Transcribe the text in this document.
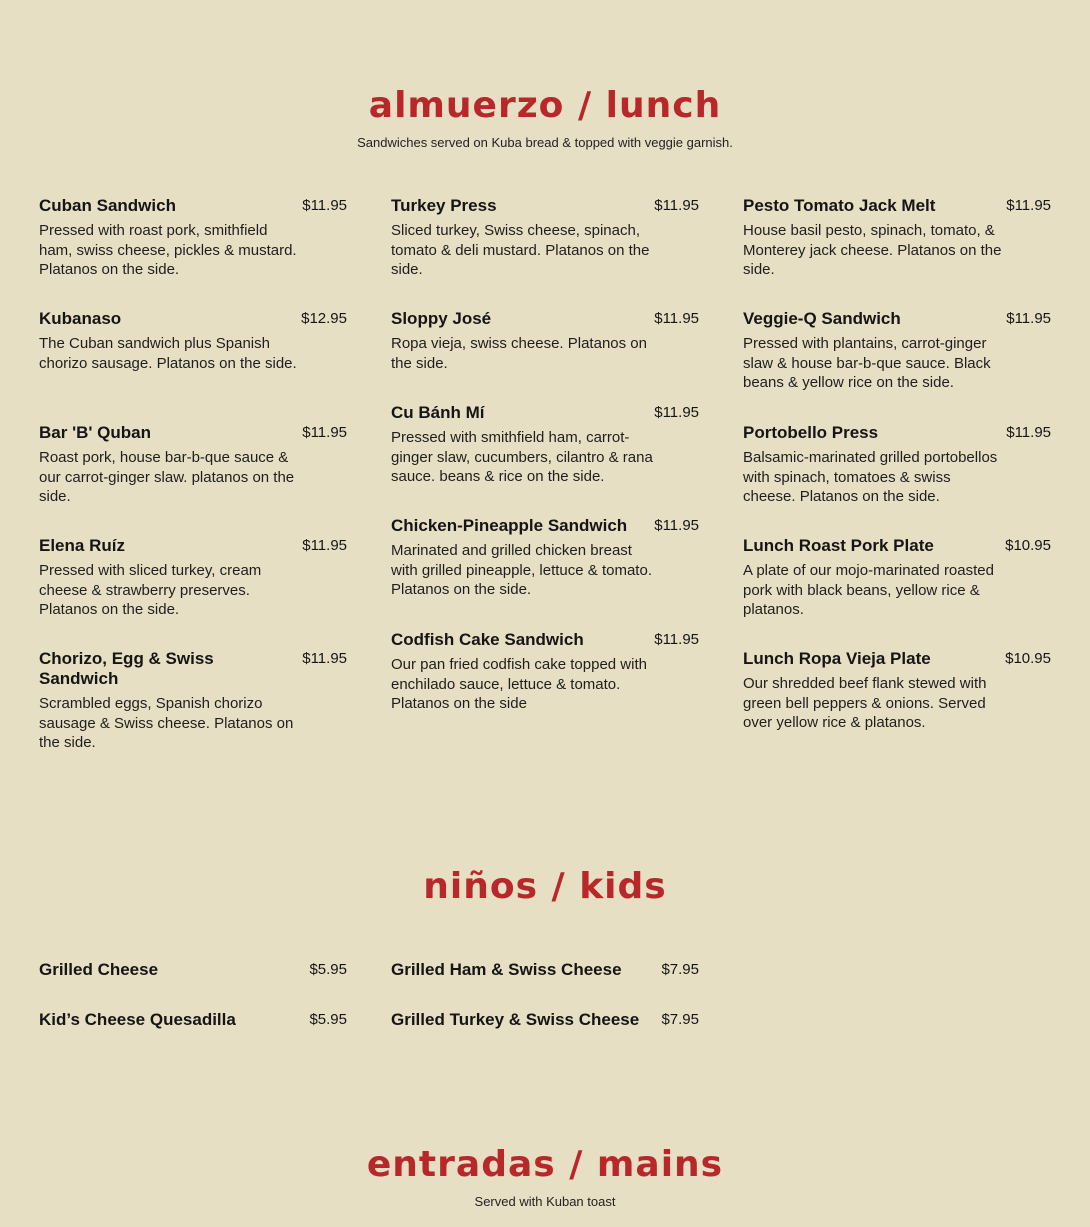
almuerzo / lunch

Sandwiches served on Kuba bread & topped with veggie garnish.

Cuban Sandwich	$11.95
Pressed with roast pork, smithfield ham, swiss cheese, pickles & mustard. Platanos on the side.
Kubanaso	$12.95
The Cuban sandwich plus Spanish chorizo sausage. Platanos on the side.
Bar 'B' Quban	$11.95
Roast pork, house bar-b-que sauce & our carrot-ginger slaw. platanos on the side.
Elena Ruíz	$11.95
Pressed with sliced turkey, cream cheese & strawberry preserves. Platanos on the side.
Chorizo, Egg & Swiss Sandwich
$11.95
Scrambled eggs, Spanish chorizo sausage & Swiss cheese. Platanos on the side.
Turkey Press	$11.95
Sliced turkey, Swiss cheese, spinach, tomato & deli mustard. Platanos on the side.
Sloppy José	$11.95
Ropa vieja, swiss cheese. Platanos on the side.
Cu Bánh Mí	$11.95
Pressed with smithfield ham, carrot-ginger slaw, cucumbers, cilantro & rana sauce. beans & rice on the side.
Chicken-Pineapple Sandwich	$11.95
Marinated and grilled chicken breast with grilled pineapple, lettuce & tomato. Platanos on the side.
Codfish Cake Sandwich	$11.95
Our pan fried codfish cake topped with enchilado sauce, lettuce & tomato. Platanos on the side
Pesto Tomato Jack Melt	$11.95
House basil pesto, spinach, tomato, & Monterey jack cheese. Platanos on the side.
Veggie-Q Sandwich	$11.95
Pressed with plantains, carrot-ginger slaw & house bar-b-que sauce. Black beans & yellow rice on the side.
Portobello Press	$11.95
Balsamic-marinated grilled portobellos with spinach, tomatoes & swiss cheese. Platanos on the side.
Lunch Roast Pork Plate	$10.95
A plate of our mojo-marinated roasted pork with black beans, yellow rice & platanos.
Lunch Ropa Vieja Plate	$10.95
Our shredded beef flank stewed with green bell peppers & onions. Served over yellow rice & platanos.
niños / kids
Grilled Cheese	$5.95
Kid’s Cheese Quesadilla	$5.95
Grilled Ham & Swiss Cheese	$7.95
Grilled Turkey & Swiss Cheese	$7.95
entradas / mains

Served with Kuban toast
